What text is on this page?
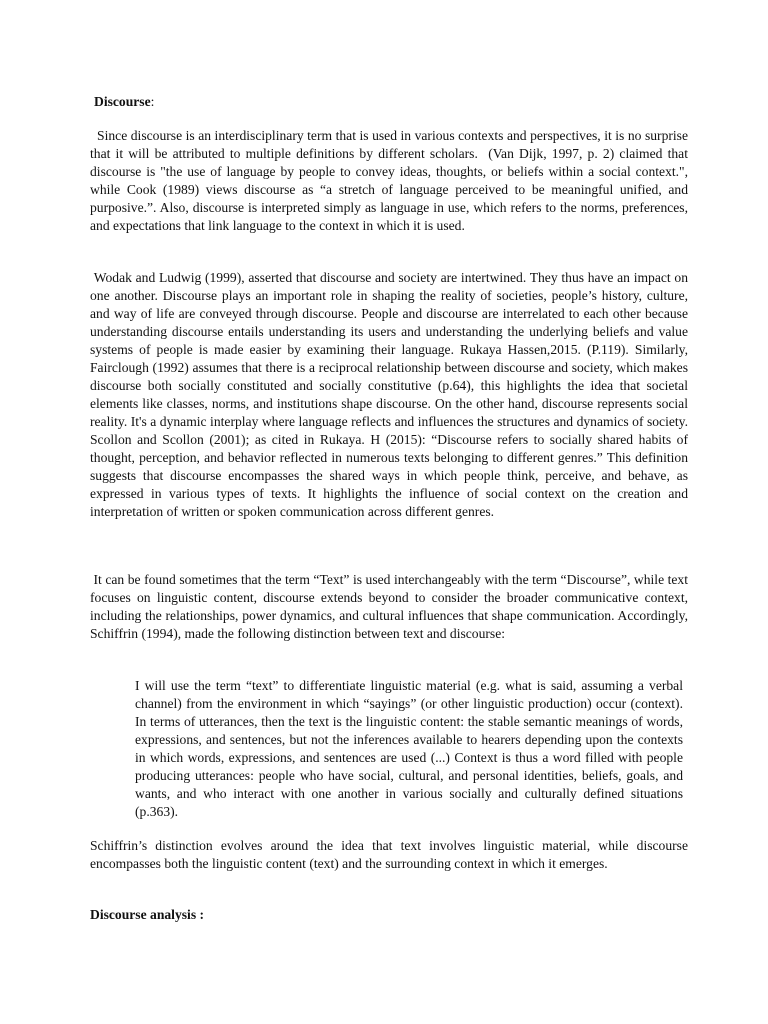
Discourse:

Since discourse is an interdisciplinary term that is used in various contexts and perspectives, it is no surprise that it will be attributed to multiple definitions by different scholars.  (Van Dijk, 1997, p. 2) claimed that discourse is "the use of language by people to convey ideas, thoughts, or beliefs within a social context.", while Cook (1989) views discourse as “a stretch of language perceived to be meaningful unified, and purposive.”. Also, discourse is interpreted simply as language in use, which refers to the norms, preferences, and expectations that link language to the context in which it is used.

Wodak and Ludwig (1999), asserted that discourse and society are intertwined. They thus have an impact on one another. Discourse plays an important role in shaping the reality of societies, people’s history, culture, and way of life are conveyed through discourse. People and discourse are interrelated to each other because understanding discourse entails understanding its users and understanding the underlying beliefs and value systems of people is made easier by examining their language. Rukaya Hassen,2015. (P.119). Similarly, Fairclough (1992) assumes that there is a reciprocal relationship between discourse and society, which makes discourse both socially constituted and socially constitutive (p.64), this highlights the idea that societal elements like classes, norms, and institutions shape discourse. On the other hand, discourse represents social reality. It's a dynamic interplay where language reflects and influences the structures and dynamics of society. Scollon and Scollon (2001); as cited in Rukaya. H (2015): “Discourse refers to socially shared habits of thought, perception, and behavior reflected in numerous texts belonging to different genres.” This definition suggests that discourse encompasses the shared ways in which people think, perceive, and behave, as expressed in various types of texts. It highlights the influence of social context on the creation and interpretation of written or spoken communication across different genres.

It can be found sometimes that the term “Text” is used interchangeably with the term “Discourse”, while text focuses on linguistic content, discourse extends beyond to consider the broader communicative context, including the relationships, power dynamics, and cultural influences that shape communication. Accordingly, Schiffrin (1994), made the following distinction between text and discourse:

I will use the term “text” to differentiate linguistic material (e.g. what is said, assuming a verbal channel) from the environment in which “sayings” (or other linguistic production) occur (context). In terms of utterances, then the text is the linguistic content: the stable semantic meanings of words, expressions, and sentences, but not the inferences available to hearers depending upon the contexts in which words, expressions, and sentences are used (...) Context is thus a word filled with people producing utterances: people who have social, cultural, and personal identities, beliefs, goals, and wants, and who interact with one another in various socially and culturally defined situations (p.363).

Schiffrin’s distinction evolves around the idea that text involves linguistic material, while discourse encompasses both the linguistic content (text) and the surrounding context in which it emerges.

Discourse analysis :
